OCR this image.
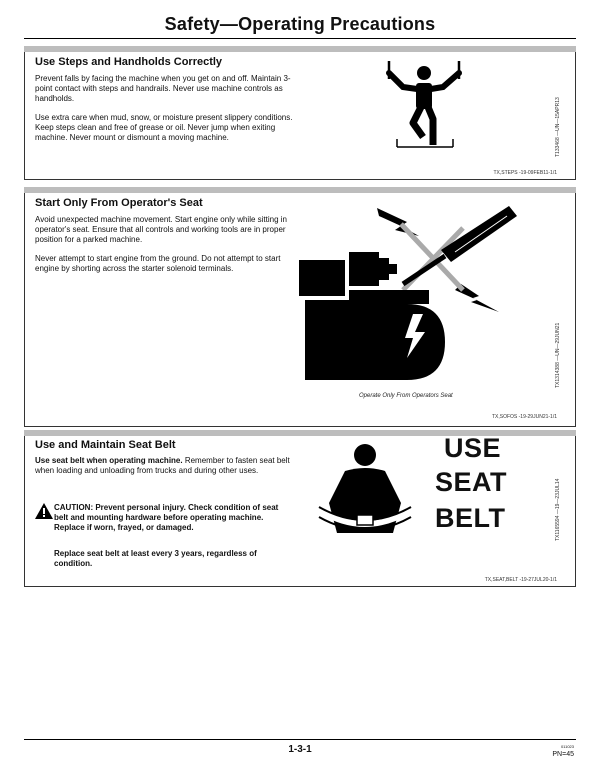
Safety—Operating Precautions
Use Steps and Handholds Correctly

Prevent falls by facing the machine when you get on and off. Maintain 3-point contact with steps and handrails. Never use machine controls as handholds.

Use extra care when mud, snow, or moisture present slippery conditions. Keep steps clean and free of grease or oil. Never jump when exiting machine. Never mount or dismount a moving machine.	T133468 —UN—15APR13
TX,STEPS -19-09FEB11-1/1
Start Only From Operator's Seat

Avoid unexpected machine movement. Start engine only while sitting in operator's seat. Ensure that all controls and working tools are in proper position for a parked machine.

Never attempt to start engine from the ground. Do not attempt to start engine by shorting across the starter solenoid terminals.

Operate Only From Operators Seat
TX1314388 —UN—29JUN21
TX,SOFOS -19-29JUN21-1/1
Use and Maintain Seat Belt

Use seat belt when operating machine. Remember to fasten seat belt when loading and unloading from trucks and during other uses.

CAUTION: Prevent personal injury. Check condition of seat belt and mounting hardware before operating machine. Replace if worn, frayed, or damaged.

Replace seat belt at least every 3 years, regardless of condition.

USE
SEAT
BELT	TX1165594 —19—23JUL14
TX,SEAT,BELT -19-27JUL20-1/1
1-3-1	011023
PN=45
